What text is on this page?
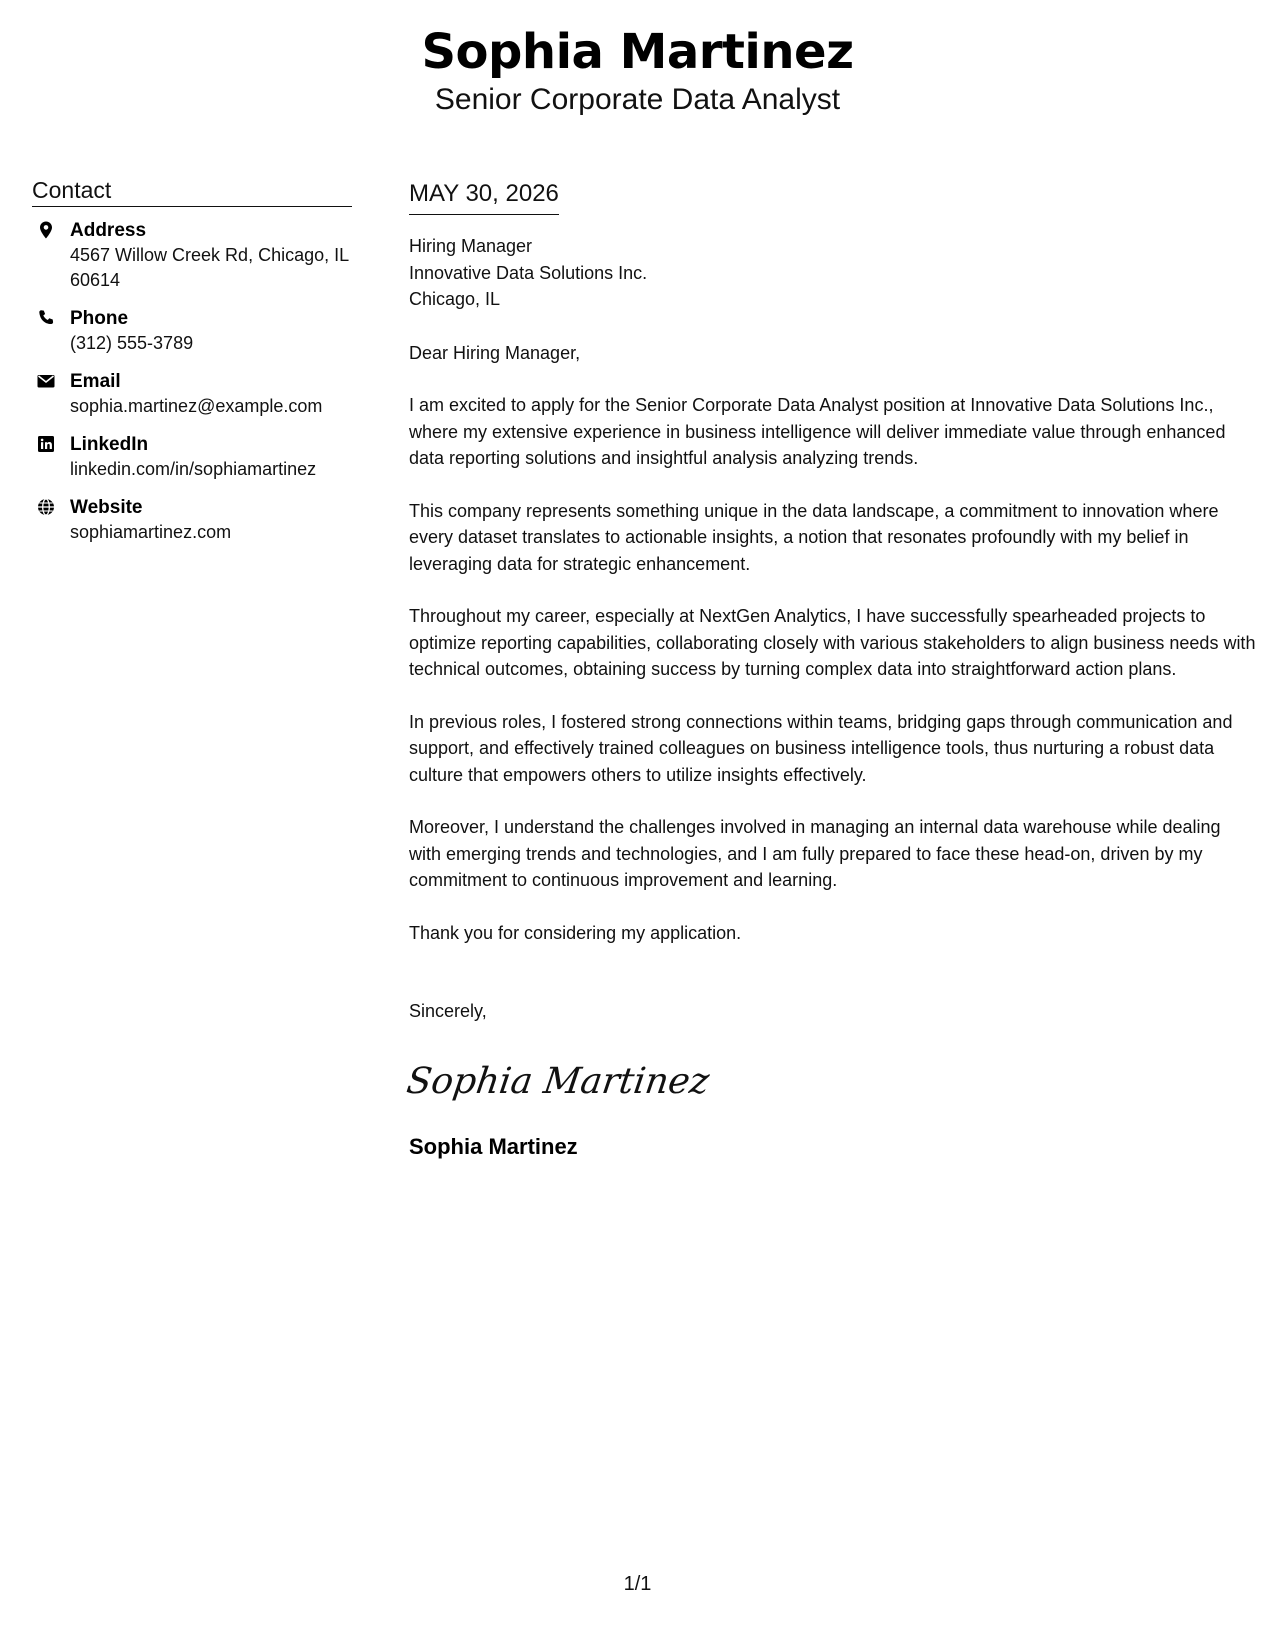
Sophia Martinez
Senior Corporate Data Analyst
Contact
Address
4567 Willow Creek Rd, Chicago, IL 60614
Phone
(312) 555-3789
Email
sophia.martinez@example.com
LinkedIn
linkedin.com/in/sophiamartinez
Website
sophiamartinez.com
MAY 30, 2026
Hiring Manager
Innovative Data Solutions Inc.
Chicago, IL
Dear Hiring Manager,
I am excited to apply for the Senior Corporate Data Analyst position at Innovative Data Solutions Inc., where my extensive experience in business intelligence will deliver immediate value through enhanced data reporting solutions and insightful analysis analyzing trends.
This company represents something unique in the data landscape, a commitment to innovation where every dataset translates to actionable insights, a notion that resonates profoundly with my belief in leveraging data for strategic enhancement.
Throughout my career, especially at NextGen Analytics, I have successfully spearheaded projects to optimize reporting capabilities, collaborating closely with various stakeholders to align business needs with technical outcomes, obtaining success by turning complex data into straightforward action plans.
In previous roles, I fostered strong connections within teams, bridging gaps through communication and support, and effectively trained colleagues on business intelligence tools, thus nurturing a robust data culture that empowers others to utilize insights effectively.
Moreover, I understand the challenges involved in managing an internal data warehouse while dealing with emerging trends and technologies, and I am fully prepared to face these head-on, driven by my commitment to continuous improvement and learning.
Thank you for considering my application.
Sincerely,
Sophia Martinez
Sophia Martinez
1/1
